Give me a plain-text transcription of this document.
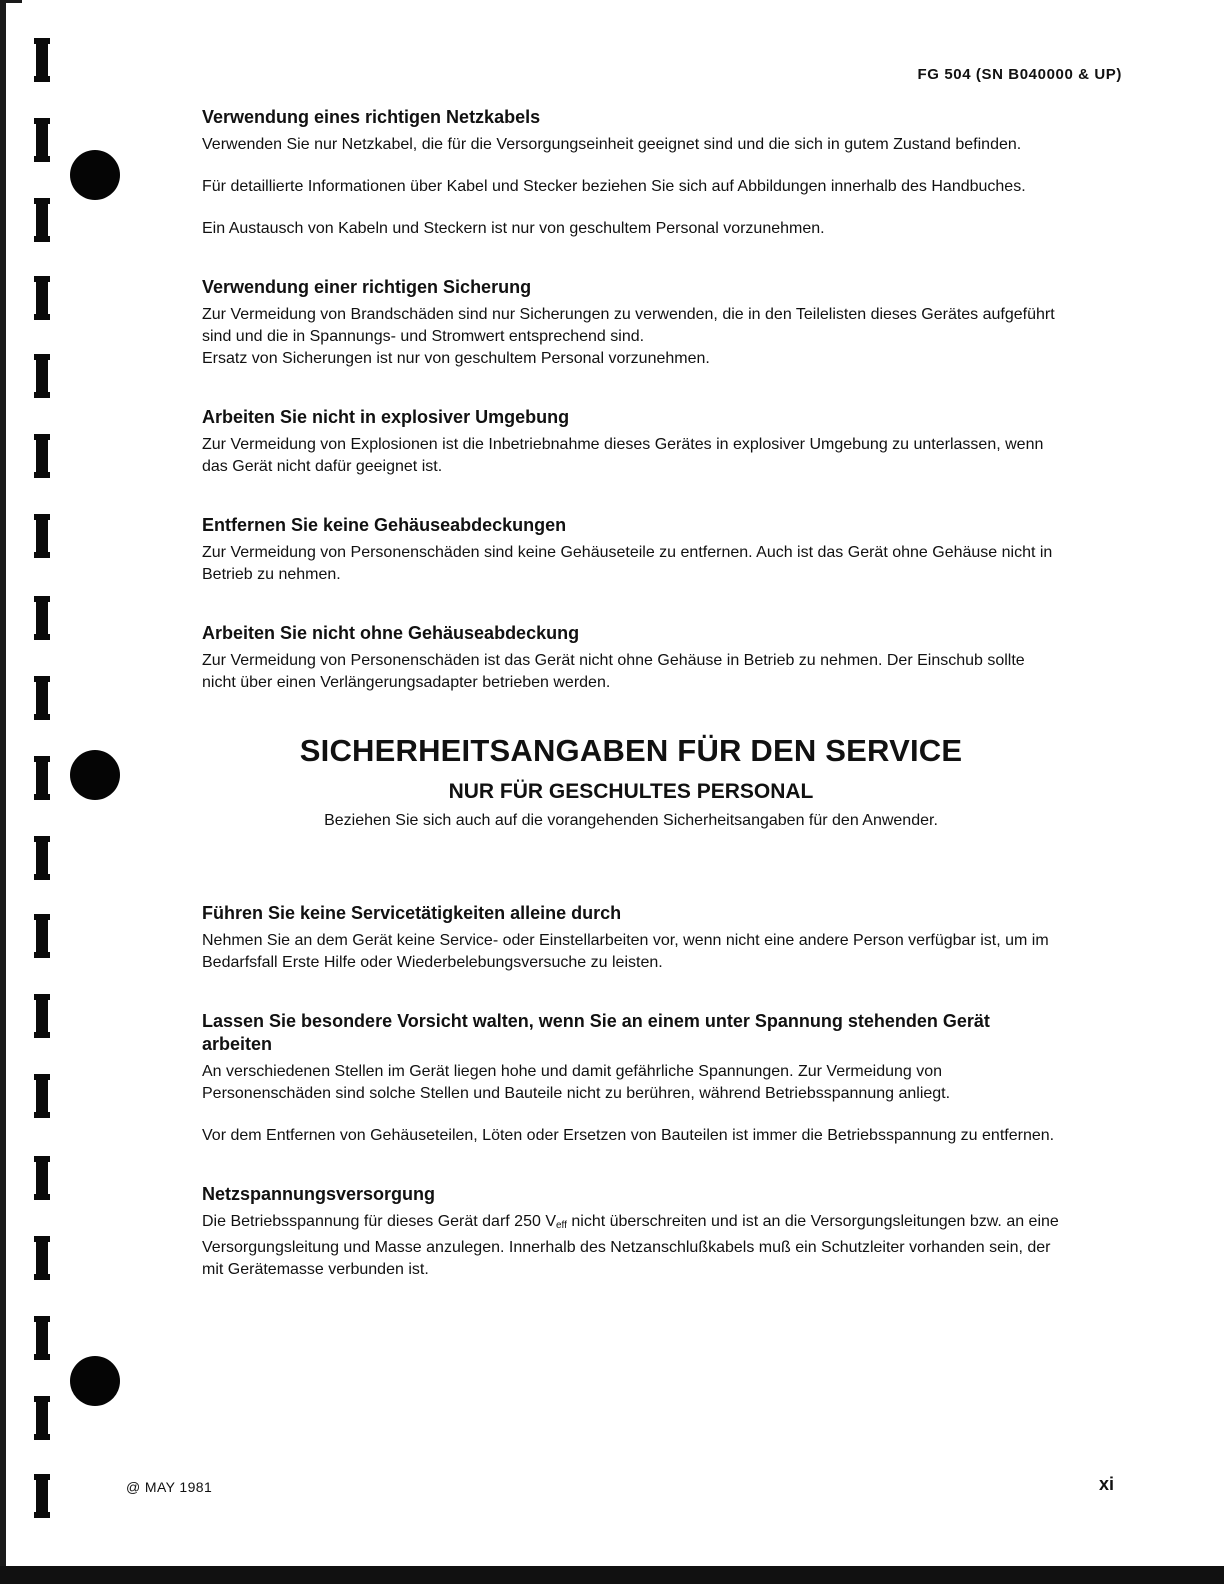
FG 504 (SN B040000 & UP)
Verwendung eines richtigen Netzkabels

Verwenden Sie nur Netzkabel, die für die Versorgungseinheit geeignet sind und die sich in gutem Zustand befinden.

Für detaillierte Informationen über Kabel und Stecker beziehen Sie sich auf Abbildungen innerhalb des Handbuches.

Ein Austausch von Kabeln und Steckern ist nur von geschultem Personal vorzunehmen.

Verwendung einer richtigen Sicherung

Zur Vermeidung von Brandschäden sind nur Sicherungen zu verwenden, die in den Teilelisten dieses Gerätes aufgeführt sind und die in Spannungs- und Stromwert entsprechend sind.

Ersatz von Sicherungen ist nur von geschultem Personal vorzunehmen.

Arbeiten Sie nicht in explosiver Umgebung

Zur Vermeidung von Explosionen ist die Inbetriebnahme dieses Gerätes in explosiver Umgebung zu unterlassen, wenn das Gerät nicht dafür geeignet ist.

Entfernen Sie keine Gehäuseabdeckungen

Zur Vermeidung von Personenschäden sind keine Gehäuseteile zu entfernen. Auch ist das Gerät ohne Gehäuse nicht in Betrieb zu nehmen.

Arbeiten Sie nicht ohne Gehäuseabdeckung

Zur Vermeidung von Personenschäden ist das Gerät nicht ohne Gehäuse in Betrieb zu nehmen. Der Einschub sollte nicht über einen Verlängerungsadapter betrieben werden.

SICHERHEITSANGABEN FÜR DEN SERVICE
NUR FÜR GESCHULTES PERSONAL

Beziehen Sie sich auch auf die vorangehenden Sicherheitsangaben für den Anwender.

Führen Sie keine Servicetätigkeiten alleine durch

Nehmen Sie an dem Gerät keine Service- oder Einstellarbeiten vor, wenn nicht eine andere Person verfügbar ist, um im Bedarfsfall Erste Hilfe oder Wiederbelebungsversuche zu leisten.

Lassen Sie besondere Vorsicht walten, wenn Sie an einem unter Spannung stehenden Gerät arbeiten

An verschiedenen Stellen im Gerät liegen hohe und damit gefährliche Spannungen. Zur Vermeidung von Personenschäden sind solche Stellen und Bauteile nicht zu berühren, während Betriebsspannung anliegt.

Vor dem Entfernen von Gehäuseteilen, Löten oder Ersetzen von Bauteilen ist immer die Betriebsspannung zu entfernen.

Netzspannungsversorgung

Die Betriebsspannung für dieses Gerät darf 250 $V_{eff}$ nicht überschreiten und ist an die Versorgungsleitungen bzw. an eine Versorgungsleitung und Masse anzulegen. Innerhalb des Netzanschlußkabels muß ein Schutzleiter vorhanden sein, der mit Gerätemasse verbunden ist.

@ MAY 1981	xi
